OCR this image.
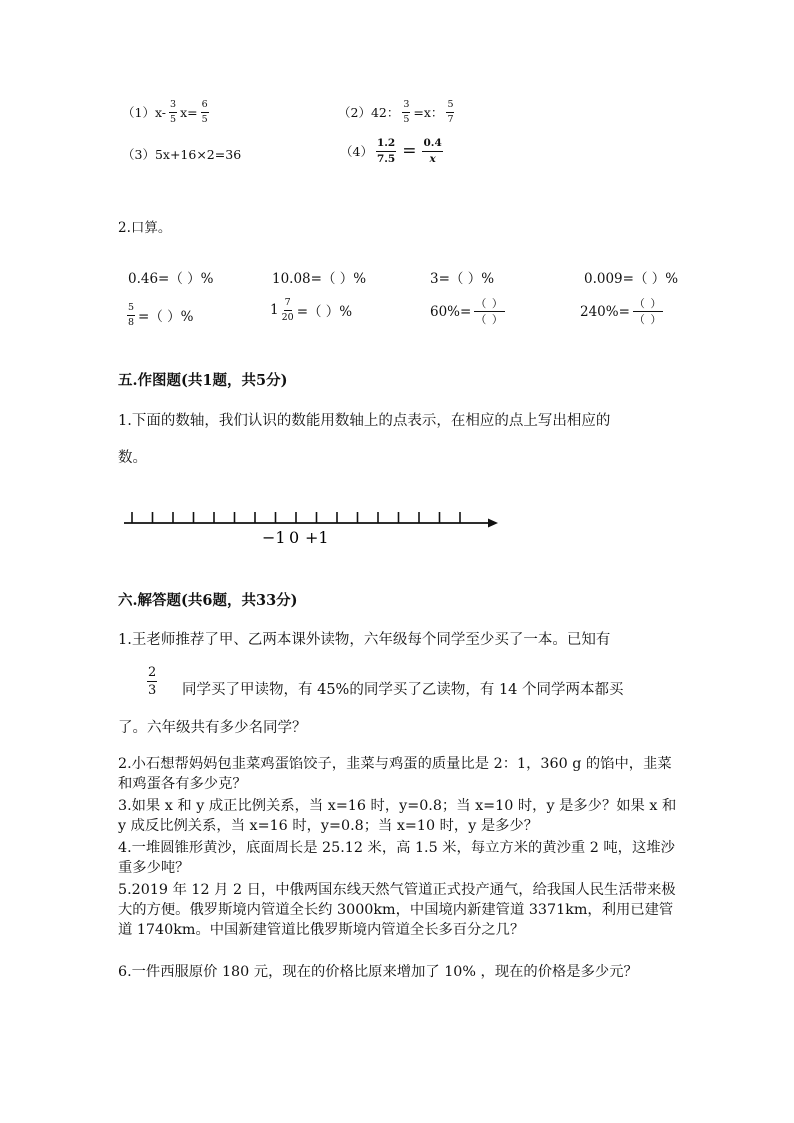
（1） $x- \frac{3}{5} x= \frac{6}{5}$	（2） 42： $\frac{3}{5} =x$： $\frac{5}{7}$
（3）5x+16×2=36	$(4) \frac{1.2}{7.5} = \frac{0.4}{x}$
2.口算。
0.46=（ ）%	10.08=（ ）%	3=（ ）%	0.009=（ ）%
$\frac{5}{8}$ =（ ）%	$1 \frac{7}{20}$ =（ ）%	$60\%= \frac{( )}{( )}$	$240\%= \frac{( )}{( )}$
五.作图题(共1题，共5分)
1.下面的数轴，我们认识的数能用数轴上的点表示，在相应的点上写出相应的
数。
−1 0 +1
六.解答题(共6题，共33分)
1.王老师推荐了甲、乙两本课外读物，六年级每个同学至少买了一本。已知有
$\frac{2}{3}$ 同学买了甲读物，有 45%的同学买了乙读物，有 14 个同学两本都买
了。六年级共有多少名同学？
2.小石想帮妈妈包韭菜鸡蛋馅饺子，韭菜与鸡蛋的质量比是 2：1，360 g 的馅中，韭菜和鸡蛋各有多少克？
3.如果 x 和 y 成正比例关系，当 x=16 时，y=0.8；当 x=10 时，y 是多少？如果 x 和 y 成反比例关系，当 x=16 时，y=0.8；当 x=10 时，y 是多少？
4.一堆圆锥形黄沙，底面周长是 25.12 米，高 1.5 米，每立方米的黄沙重 2 吨，这堆沙重多少吨？
5.2019 年 12 月 2 日，中俄两国东线天然气管道正式投产通气，给我国人民生活带来极大的方便。俄罗斯境内管道全长约 3000km，中国境内新建管道 3371km，利用已建管道 1740km。中国新建管道比俄罗斯境内管道全长多百分之几？
6.一件西服原价 180 元，现在的价格比原来增加了 10% ，现在的价格是多少元？
